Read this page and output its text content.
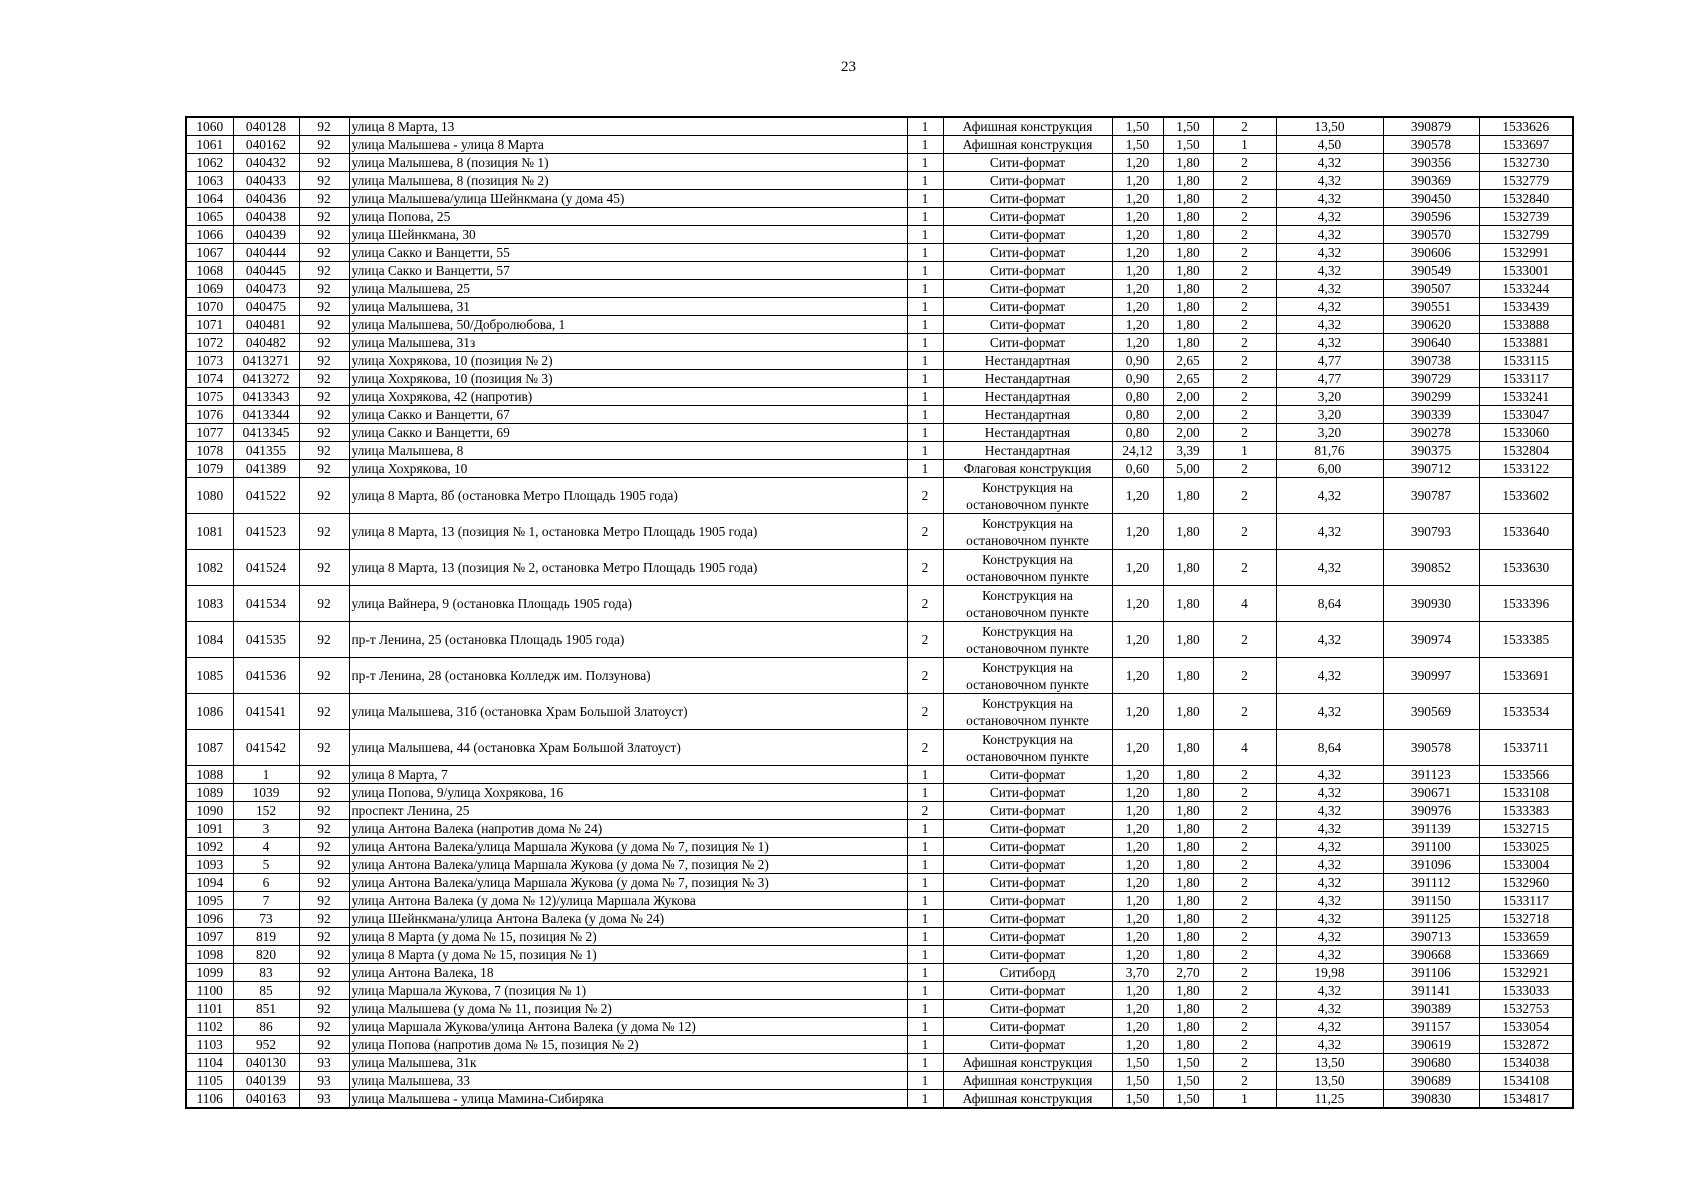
23
1060	040128	92	улица 8 Марта, 13	1	Афишная конструкция	1,50	1,50	2	13,50	390879	1533626
1061	040162	92	улица Малышева - улица 8 Марта	1	Афишная конструкция	1,50	1,50	1	4,50	390578	1533697
1062	040432	92	улица Малышева, 8 (позиция № 1)	1	Сити-формат	1,20	1,80	2	4,32	390356	1532730
1063	040433	92	улица Малышева, 8 (позиция № 2)	1	Сити-формат	1,20	1,80	2	4,32	390369	1532779
1064	040436	92	улица Малышева/улица Шейнкмана (у дома 45)	1	Сити-формат	1,20	1,80	2	4,32	390450	1532840
1065	040438	92	улица Попова, 25	1	Сити-формат	1,20	1,80	2	4,32	390596	1532739
1066	040439	92	улица Шейнкмана, 30	1	Сити-формат	1,20	1,80	2	4,32	390570	1532799
1067	040444	92	улица Сакко и Ванцетти, 55	1	Сити-формат	1,20	1,80	2	4,32	390606	1532991
1068	040445	92	улица Сакко и Ванцетти, 57	1	Сити-формат	1,20	1,80	2	4,32	390549	1533001
1069	040473	92	улица Малышева, 25	1	Сити-формат	1,20	1,80	2	4,32	390507	1533244
1070	040475	92	улица Малышева, 31	1	Сити-формат	1,20	1,80	2	4,32	390551	1533439
1071	040481	92	улица Малышева, 50/Добролюбова, 1	1	Сити-формат	1,20	1,80	2	4,32	390620	1533888
1072	040482	92	улица Малышева, 31з	1	Сити-формат	1,20	1,80	2	4,32	390640	1533881
1073	0413271	92	улица Хохрякова, 10 (позиция № 2)	1	Нестандартная	0,90	2,65	2	4,77	390738	1533115
1074	0413272	92	улица Хохрякова, 10 (позиция № 3)	1	Нестандартная	0,90	2,65	2	4,77	390729	1533117
1075	0413343	92	улица Хохрякова, 42 (напротив)	1	Нестандартная	0,80	2,00	2	3,20	390299	1533241
1076	0413344	92	улица Сакко и Ванцетти, 67	1	Нестандартная	0,80	2,00	2	3,20	390339	1533047
1077	0413345	92	улица Сакко и Ванцетти, 69	1	Нестандартная	0,80	2,00	2	3,20	390278	1533060
1078	041355	92	улица Малышева, 8	1	Нестандартная	24,12	3,39	1	81,76	390375	1532804
1079	041389	92	улица Хохрякова, 10	1	Флаговая конструкция	0,60	5,00	2	6,00	390712	1533122
1080	041522	92	улица 8 Марта, 8б (остановка Метро Площадь 1905 года)	2	Конструкция на остановочном пункте	1,20	1,80	2	4,32	390787	1533602
1081	041523	92	улица 8 Марта, 13 (позиция № 1, остановка Метро Площадь 1905 года)	2	Конструкция на остановочном пункте	1,20	1,80	2	4,32	390793	1533640
1082	041524	92	улица 8 Марта, 13 (позиция № 2, остановка Метро Площадь 1905 года)	2	Конструкция на остановочном пункте	1,20	1,80	2	4,32	390852	1533630
1083	041534	92	улица Вайнера, 9 (остановка Площадь 1905 года)	2	Конструкция на остановочном пункте	1,20	1,80	4	8,64	390930	1533396
1084	041535	92	пр-т Ленина, 25 (остановка Площадь 1905 года)	2	Конструкция на остановочном пункте	1,20	1,80	2	4,32	390974	1533385
1085	041536	92	пр-т Ленина, 28 (остановка Колледж им. Ползунова)	2	Конструкция на остановочном пункте	1,20	1,80	2	4,32	390997	1533691
1086	041541	92	улица Малышева, 31б (остановка Храм Большой Златоуст)	2	Конструкция на остановочном пункте	1,20	1,80	2	4,32	390569	1533534
1087	041542	92	улица Малышева, 44 (остановка Храм Большой Златоуст)	2	Конструкция на остановочном пункте	1,20	1,80	4	8,64	390578	1533711
1088	1	92	улица 8 Марта, 7	1	Сити-формат	1,20	1,80	2	4,32	391123	1533566
1089	1039	92	улица Попова, 9/улица Хохрякова, 16	1	Сити-формат	1,20	1,80	2	4,32	390671	1533108
1090	152	92	проспект Ленина, 25	2	Сити-формат	1,20	1,80	2	4,32	390976	1533383
1091	3	92	улица Антона Валека (напротив дома № 24)	1	Сити-формат	1,20	1,80	2	4,32	391139	1532715
1092	4	92	улица Антона Валека/улица Маршала Жукова (у дома № 7, позиция № 1)	1	Сити-формат	1,20	1,80	2	4,32	391100	1533025
1093	5	92	улица Антона Валека/улица Маршала Жукова (у дома № 7, позиция № 2)	1	Сити-формат	1,20	1,80	2	4,32	391096	1533004
1094	6	92	улица Антона Валека/улица Маршала Жукова (у дома № 7, позиция № 3)	1	Сити-формат	1,20	1,80	2	4,32	391112	1532960
1095	7	92	улица Антона Валека (у дома № 12)/улица Маршала Жукова	1	Сити-формат	1,20	1,80	2	4,32	391150	1533117
1096	73	92	улица Шейнкмана/улица Антона Валека (у дома № 24)	1	Сити-формат	1,20	1,80	2	4,32	391125	1532718
1097	819	92	улица 8 Марта (у дома № 15, позиция № 2)	1	Сити-формат	1,20	1,80	2	4,32	390713	1533659
1098	820	92	улица 8 Марта (у дома № 15, позиция № 1)	1	Сити-формат	1,20	1,80	2	4,32	390668	1533669
1099	83	92	улица Антона Валека, 18	1	Ситиборд	3,70	2,70	2	19,98	391106	1532921
1100	85	92	улица Маршала Жукова, 7 (позиция № 1)	1	Сити-формат	1,20	1,80	2	4,32	391141	1533033
1101	851	92	улица Малышева (у дома № 11, позиция № 2)	1	Сити-формат	1,20	1,80	2	4,32	390389	1532753
1102	86	92	улица Маршала Жукова/улица Антона Валека (у дома № 12)	1	Сити-формат	1,20	1,80	2	4,32	391157	1533054
1103	952	92	улица Попова (напротив дома № 15, позиция № 2)	1	Сити-формат	1,20	1,80	2	4,32	390619	1532872
1104	040130	93	улица Малышева, 31к	1	Афишная конструкция	1,50	1,50	2	13,50	390680	1534038
1105	040139	93	улица Малышева, 33	1	Афишная конструкция	1,50	1,50	2	13,50	390689	1534108
1106	040163	93	улица Малышева - улица Мамина-Сибиряка	1	Афишная конструкция	1,50	1,50	1	11,25	390830	1534817
